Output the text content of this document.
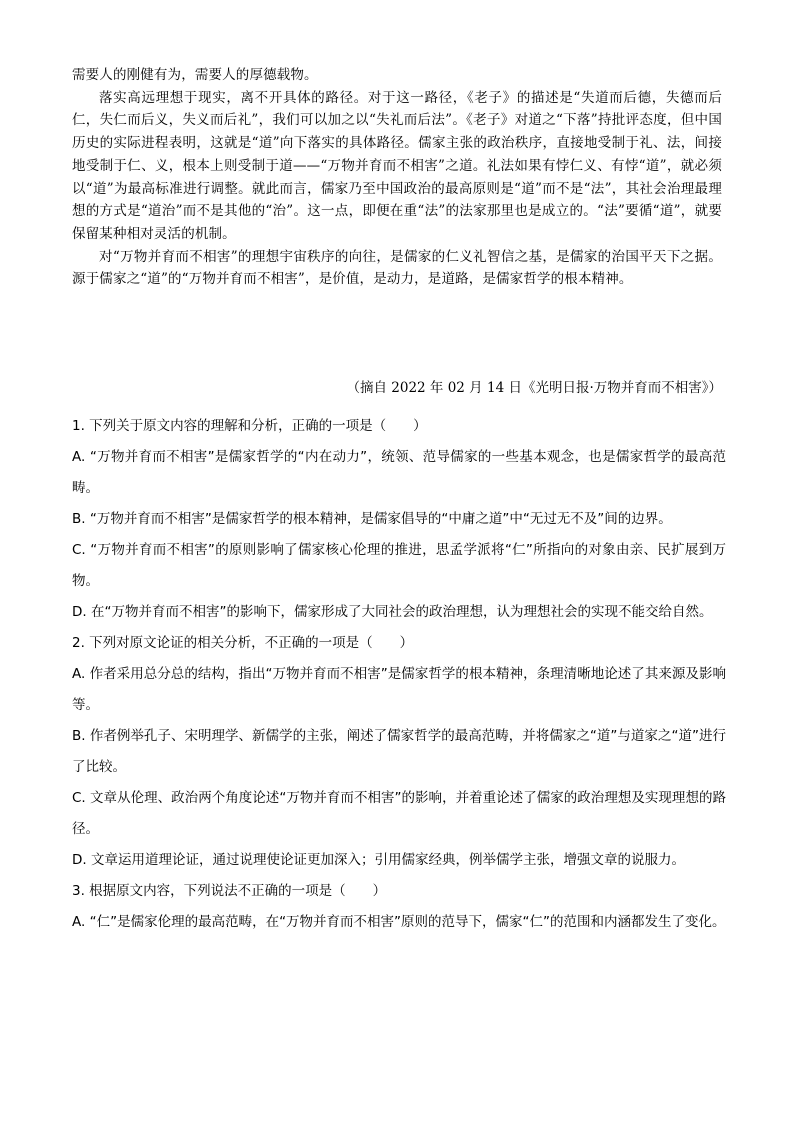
需要人的刚健有为，需要人的厚德载物。

落实高远理想于现实，离不开具体的路径。对于这一路径，《老子》的描述是“失道而后德，失德而后仁，失仁而后义，失义而后礼”，我们可以加之以“失礼而后法”。《老子》对道之“下落”持批评态度，但中国历史的实际进程表明，这就是“道”向下落实的具体路径。儒家主张的政治秩序，直接地受制于礼、法，间接地受制于仁、义，根本上则受制于道——“万物并育而不相害”之道。礼法如果有悖仁义、有悖“道”，就必须以“道”为最高标准进行调整。就此而言，儒家乃至中国政治的最高原则是“道”而不是“法”，其社会治理最理想的方式是“道治”而不是其他的“治”。这一点，即便在重“法”的法家那里也是成立的。“法”要循“道”，就要保留某种相对灵活的机制。

对“万物并育而不相害”的理想宇宙秩序的向往，是儒家的仁义礼智信之基，是儒家的治国平天下之据。源于儒家之“道”的“万物并育而不相害”，是价值，是动力，是道路，是儒家哲学的根本精神。

（摘自 2022 年 02 月 14 日《光明日报·万物并育而不相害》）

1. 下列关于原文内容的理解和分析，正确的一项是（　　）

A. “万物并育而不相害”是儒家哲学的“内在动力”，统领、范导儒家的一些基本观念，也是儒家哲学的最高范畴。

B. “万物并育而不相害”是儒家哲学的根本精神，是儒家倡导的“中庸之道”中“无过无不及”间的边界。

C. “万物并育而不相害”的原则影响了儒家核心伦理的推进，思孟学派将“仁”所指向的对象由亲、民扩展到万物。

D. 在“万物并育而不相害”的影响下，儒家形成了大同社会的政治理想，认为理想社会的实现不能交给自然。

2. 下列对原文论证的相关分析，不正确的一项是（　　）

A. 作者采用总分总的结构，指出“万物并育而不相害”是儒家哲学的根本精神，条理清晰地论述了其来源及影响等。

B. 作者例举孔子、宋明理学、新儒学的主张，阐述了儒家哲学的最高范畴，并将儒家之“道”与道家之“道”进行了比较。

C. 文章从伦理、政治两个角度论述“万物并育而不相害”的影响，并着重论述了儒家的政治理想及实现理想的路径。

D. 文章运用道理论证，通过说理使论证更加深入；引用儒家经典，例举儒学主张，增强文章的说服力。

3. 根据原文内容，下列说法不正确的一项是（　　）

A. “仁”是儒家伦理的最高范畴，在“万物并育而不相害”原则的范导下，儒家“仁”的范围和内涵都发生了变化。
